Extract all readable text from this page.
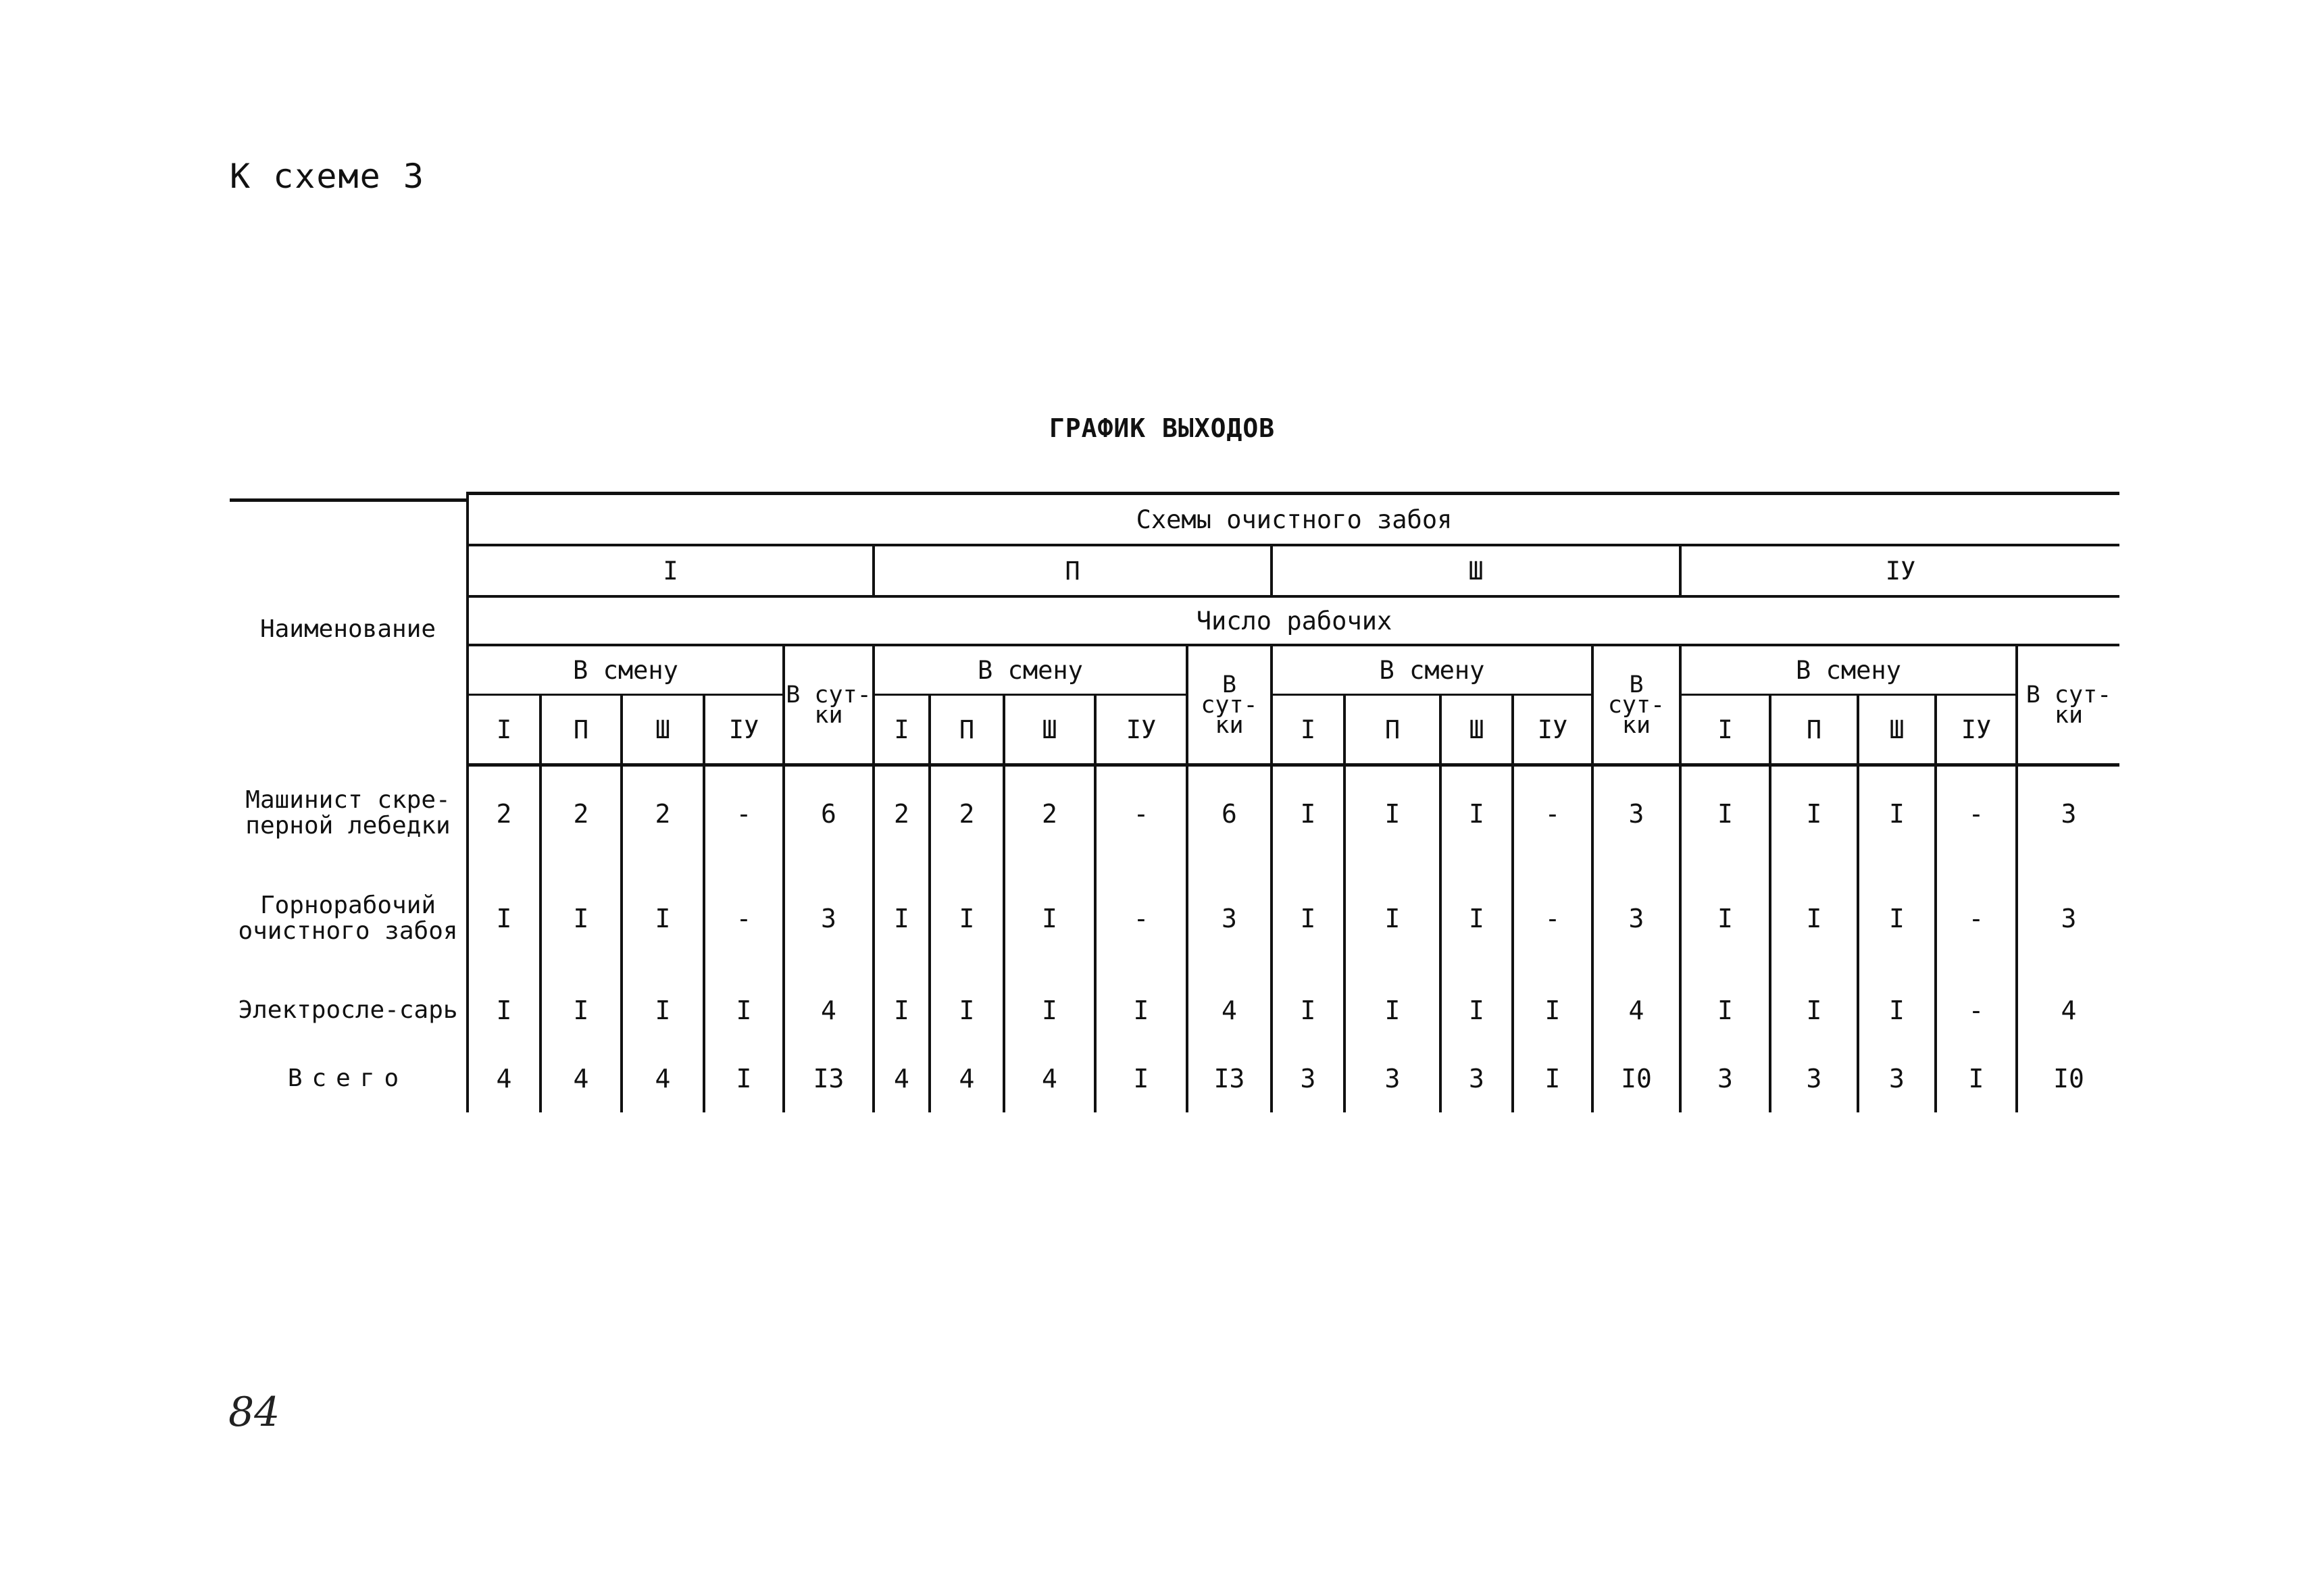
К схеме 3
ГРАФИК ВЫХОДОВ
Наименование	Схемы очистного забоя																			
	I					П					Ш					IУ				
	Число рабочих																			
	В смену				В сут-ки	В смену				В сут-ки	В смену				В сут-ки	В смену				В сут-ки
	I	П	Ш	IУ		I	П	Ш	IУ		I	П	Ш	IУ		I	П	Ш	IУ	
Машинист скре-перной лебедки	2	2	2	-	6	2	2	2	-	6	I	I	I	-	3	I	I	I	-	3
Горнорабочий очистного забоя	I	I	I	-	3	I	I	I	-	3	I	I	I	-	3	I	I	I	-	3
Электросле-сарь	I	I	I	I	4	I	I	I	I	4	I	I	I	I	4	I	I	I	-	4
Всего	4	4	4	I	I3	4	4	4	I	I3	3	3	3	I	I0	3	3	3	I	I0
84
